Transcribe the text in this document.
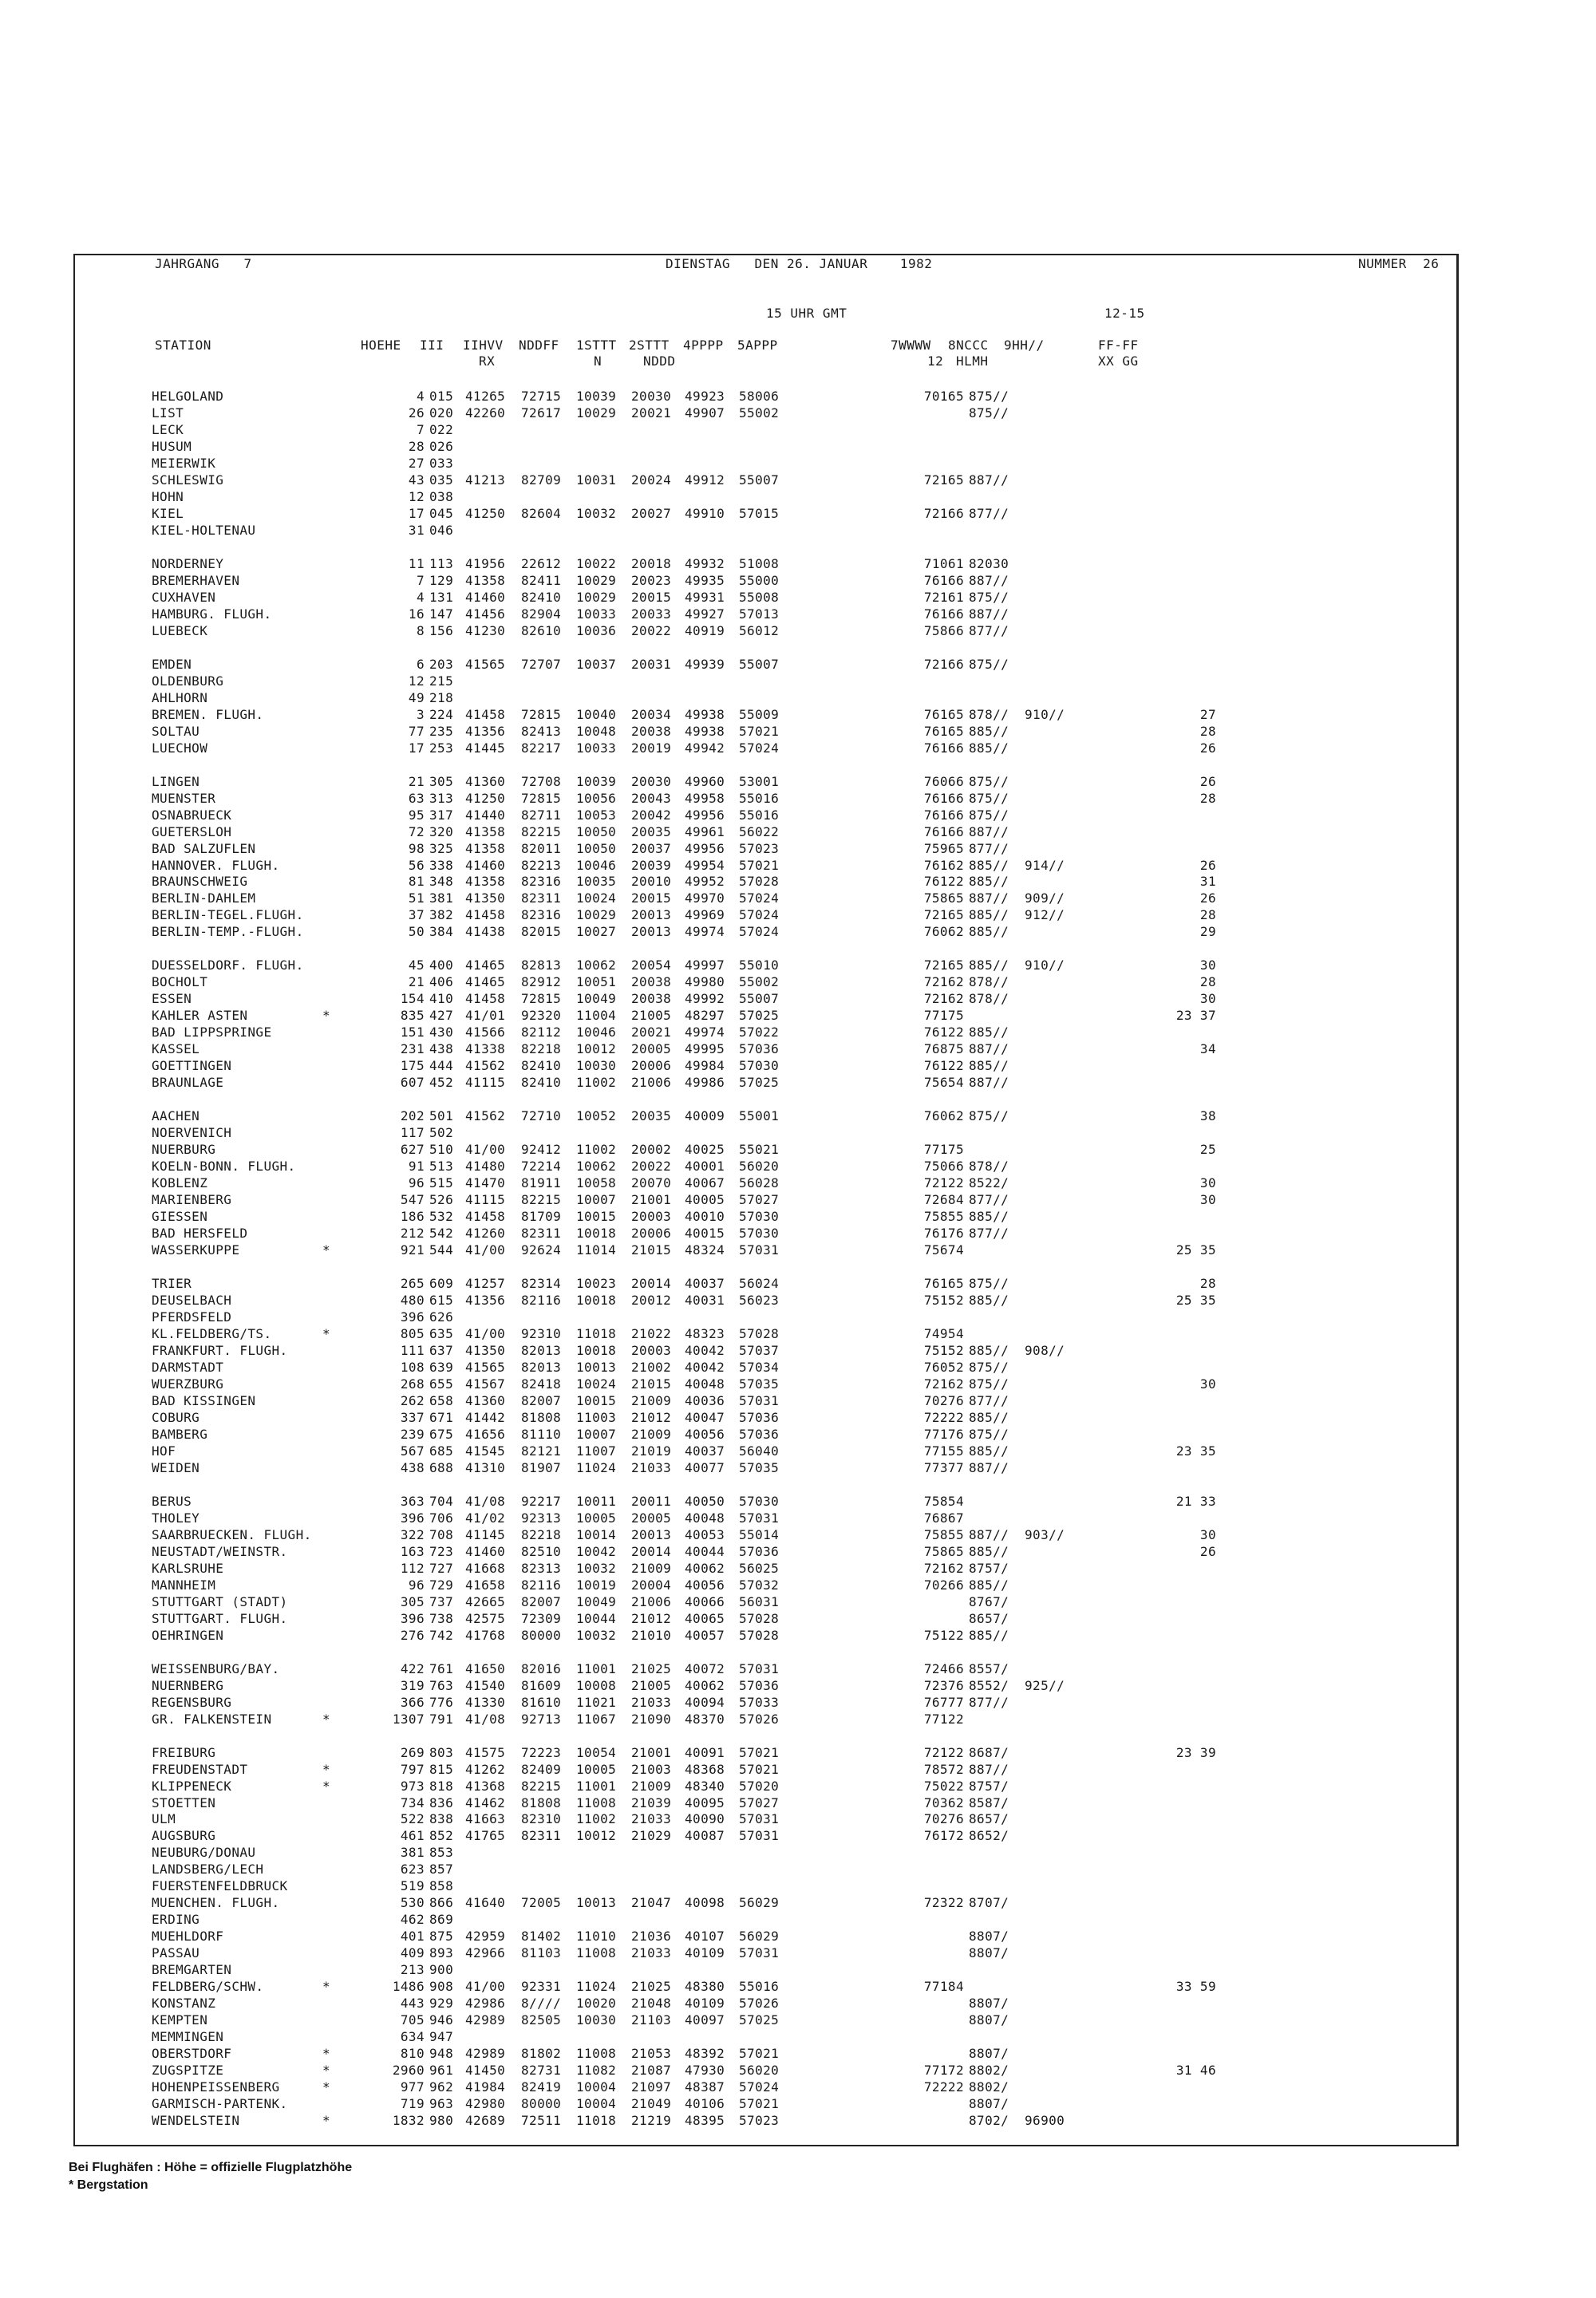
JAHRGANG   7	DIENSTAG   DEN 26. JANUAR    1982	NUMMER  26
15 UHR GMT	12-15
STATION	HOEHE III IIHVV NDDFF 1STTT 2STTT 4PPPP 5APPP	7WWWW 8NCCC 9HH//	FF-FF
RX	N	NDDD	12 HLMH	XX GG
HELGOLAND	4 015 41265 72715 10039 20030 49923 58006	70165 875//
LIST	26 020 42260 72617 10029 20021 49907 55002	875//
LECK	7 022
HUSUM	28 026
MEIERWIK	27 033
SCHLESWIG	43 035 41213 82709 10031 20024 49912 55007	72165 887//
HOHN	12 038
KIEL	17 045 41250 82604 10032 20027 49910 57015	72166 877//
KIEL-HOLTENAU	31 046
NORDERNEY	11 113 41956 22612 10022 20018 49932 51008	71061 82030
BREMERHAVEN	7 129 41358 82411 10029 20023 49935 55000	76166 887//
CUXHAVEN	4 131 41460 82410 10029 20015 49931 55008	72161 875//
HAMBURG. FLUGH.	16 147 41456 82904 10033 20033 49927 57013	76166 887//
LUEBECK	8 156 41230 82610 10036 20022 40919 56012	75866 877//
EMDEN	6 203 41565 72707 10037 20031 49939 55007	72166 875//
OLDENBURG	12 215
AHLHORN	49 218
BREMEN. FLUGH.	3 224 41458 72815 10040 20034 49938 55009	76165 878// 910//	27
SOLTAU	77 235 41356 82413 10048 20038 49938 57021	76165 885//	28
LUECHOW	17 253 41445 82217 10033 20019 49942 57024	76166 885//	26
LINGEN	21 305 41360 72708 10039 20030 49960 53001	76066 875//	26
MUENSTER	63 313 41250 72815 10056 20043 49958 55016	76166 875//	28
OSNABRUECK	95 317 41440 82711 10053 20042 49956 55016	76166 875//
GUETERSLOH	72 320 41358 82215 10050 20035 49961 56022	76166 887//
BAD SALZUFLEN	98 325 41358 82011 10050 20037 49956 57023	75965 877//
HANNOVER. FLUGH.	56 338 41460 82213 10046 20039 49954 57021	76162 885// 914//	26
BRAUNSCHWEIG	81 348 41358 82316 10035 20010 49952 57028	76122 885//	31
BERLIN-DAHLEM	51 381 41350 82311 10024 20015 49970 57024	75865 887// 909//	26
BERLIN-TEGEL.FLUGH.	37 382 41458 82316 10029 20013 49969 57024	72165 885// 912//	28
BERLIN-TEMP.-FLUGH.	50 384 41438 82015 10027 20013 49974 57024	76062 885//	29
DUESSELDORF. FLUGH.	45 400 41465 82813 10062 20054 49997 55010	72165 885// 910//	30
BOCHOLT	21 406 41465 82912 10051 20038 49980 55002	72162 878//	28
ESSEN	154 410 41458 72815 10049 20038 49992 55007	72162 878//	30
KAHLER ASTEN	*	835 427 41/01 92320 11004 21005 48297 57025	77175	23 37
BAD LIPPSPRINGE	151 430 41566 82112 10046 20021 49974 57022	76122 885//
KASSEL	231 438 41338 82218 10012 20005 49995 57036	76875 887//	34
GOETTINGEN	175 444 41562 82410 10030 20006 49984 57030	76122 885//
BRAUNLAGE	607 452 41115 82410 11002 21006 49986 57025	75654 887//
AACHEN	202 501 41562 72710 10052 20035 40009 55001	76062 875//	38
NOERVENICH	117 502
NUERBURG	627 510 41/00 92412 11002 20002 40025 55021	77175	25
KOELN-BONN. FLUGH.	91 513 41480 72214 10062 20022 40001 56020	75066 878//
KOBLENZ	96 515 41470 81911 10058 20070 40067 56028	72122 8522/	30
MARIENBERG	547 526 41115 82215 10007 21001 40005 57027	72684 877//	30
GIESSEN	186 532 41458 81709 10015 20003 40010 57030	75855 885//
BAD HERSFELD	212 542 41260 82311 10018 20006 40015 57030	76176 877//
WASSERKUPPE	*	921 544 41/00 92624 11014 21015 48324 57031	75674	25 35
TRIER	265 609 41257 82314 10023 20014 40037 56024	76165 875//	28
DEUSELBACH	480 615 41356 82116 10018 20012 40031 56023	75152 885//	25 35
PFERDSFELD	396 626
KL.FELDBERG/TS.	*	805 635 41/00 92310 11018 21022 48323 57028	74954
FRANKFURT. FLUGH.	111 637 41350 82013 10018 20003 40042 57037	75152 885// 908//
DARMSTADT	108 639 41565 82013 10013 21002 40042 57034	76052 875//
WUERZBURG	268 655 41567 82418 10024 21015 40048 57035	72162 875//	30
BAD KISSINGEN	262 658 41360 82007 10015 21009 40036 57031	70276 877//
COBURG	337 671 41442 81808 11003 21012 40047 57036	72222 885//
BAMBERG	239 675 41656 81110 10007 21009 40056 57036	77176 875//
HOF	567 685 41545 82121 11007 21019 40037 56040	77155 885//	23 35
WEIDEN	438 688 41310 81907 11024 21033 40077 57035	77377 887//
BERUS	363 704 41/08 92217 10011 20011 40050 57030	75854	21 33
THOLEY	396 706 41/02 92313 10005 20005 40048 57031	76867
SAARBRUECKEN. FLUGH.	322 708 41145 82218 10014 20013 40053 55014	75855 887// 903//	30
NEUSTADT/WEINSTR.	163 723 41460 82510 10042 20014 40044 57036	75865 885//	26
KARLSRUHE	112 727 41668 82313 10032 21009 40062 56025	72162 8757/
MANNHEIM	96 729 41658 82116 10019 20004 40056 57032	70266 885//
STUTTGART (STADT)	305 737 42665 82007 10049 21006 40066 56031	8767/
STUTTGART. FLUGH.	396 738 42575 72309 10044 21012 40065 57028	8657/
OEHRINGEN	276 742 41768 80000 10032 21010 40057 57028	75122 885//
WEISSENBURG/BAY.	422 761 41650 82016 11001 21025 40072 57031	72466 8557/
NUERNBERG	319 763 41540 81609 10008 21005 40062 57036	72376 8552/ 925//
REGENSBURG	366 776 41330 81610 11021 21033 40094 57033	76777 877//
GR. FALKENSTEIN	*	1307 791 41/08 92713 11067 21090 48370 57026	77122
FREIBURG	269 803 41575 72223 10054 21001 40091 57021	72122 8687/	23 39
FREUDENSTADT	*	797 815 41262 82409 10005 21003 48368 57021	78572 887//
KLIPPENECK	*	973 818 41368 82215 11001 21009 48340 57020	75022 8757/
STOETTEN	734 836 41462 81808 11008 21039 40095 57027	70362 8587/
ULM	522 838 41663 82310 11002 21033 40090 57031	70276 8657/
AUGSBURG	461 852 41765 82311 10012 21029 40087 57031	76172 8652/
NEUBURG/DONAU	381 853
LANDSBERG/LECH	623 857
FUERSTENFELDBRUCK	519 858
MUENCHEN. FLUGH.	530 866 41640 72005 10013 21047 40098 56029	72322 8707/
ERDING	462 869
MUEHLDORF	401 875 42959 81402 11010 21036 40107 56029	8807/
PASSAU	409 893 42966 81103 11008 21033 40109 57031	8807/
BREMGARTEN	213 900
FELDBERG/SCHW.	*	1486 908 41/00 92331 11024 21025 48380 55016	77184	33 59
KONSTANZ	443 929 42986 8//// 10020 21048 40109 57026	8807/
KEMPTEN	705 946 42989 82505 10030 21103 40097 57025	8807/
MEMMINGEN	634 947
OBERSTDORF	*	810 948 42989 81802 11008 21053 48392 57021	8807/
ZUGSPITZE	*	2960 961 41450 82731 11082 21087 47930 56020	77172 8802/	31 46
HOHENPEISSENBERG	*	977 962 41984 82419 10004 21097 48387 57024	72222 8802/
GARMISCH-PARTENK.	719 963 42980 80000 10004 21049 40106 57021	8807/
WENDELSTEIN	*	1832 980 42689 72511 11018 21219 48395 57023	8702/ 96900
Bei Flughäfen : Höhe = offizielle Flugplatzhöhe
* Bergstation
